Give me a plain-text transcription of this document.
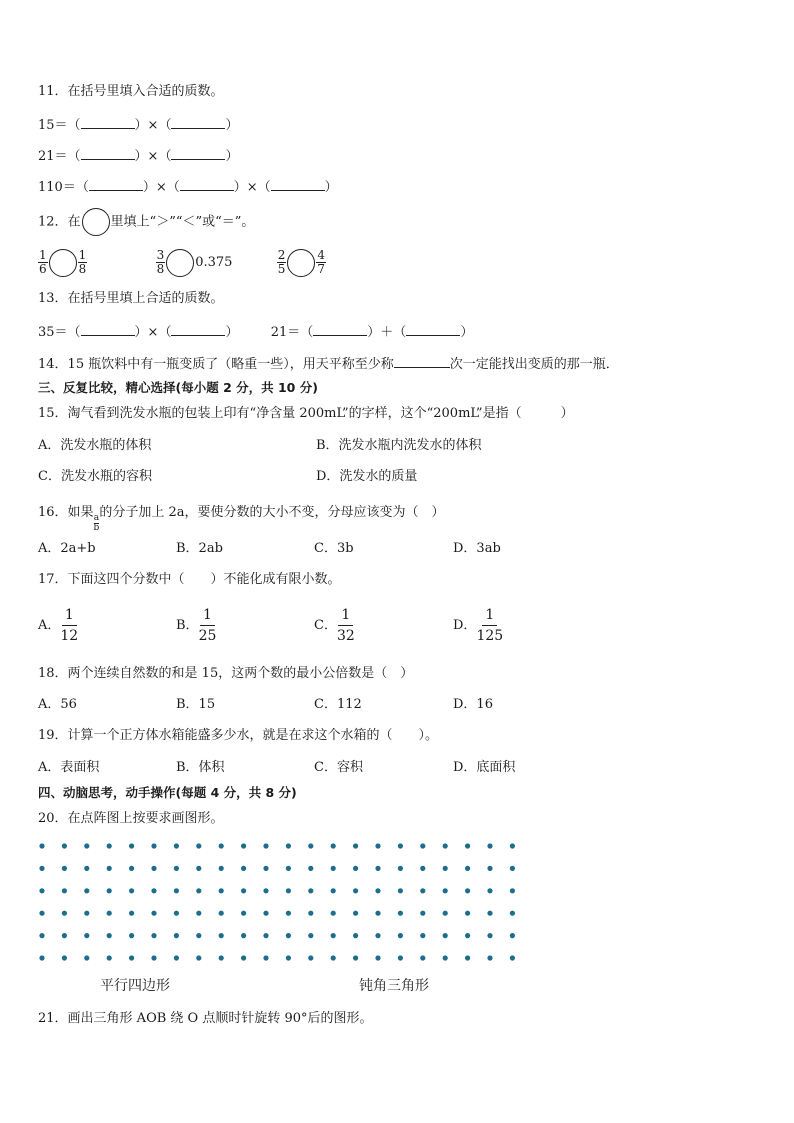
11．在括号里填入合适的质数。
15＝（	）×（	）
21＝（	）×（	）
110＝（	）×（	）×（	）
12．在 里填上“＞”“＜”或“＝”。
$\frac{1}{6}$	$\frac{1}{8}$
	$\frac{3}{8} 0.375$	$\frac{2}{5}$	$\frac{4}{7}$
13．在括号里填上合适的质数。
35＝（	）×（	） 21＝（	）＋（	）
14．15 瓶饮料中有一瓶变质了（略重一些），用天平称至少称	次一定能找出变质的那一瓶．
三、反复比较，精心选择(每小题 2 分，共 10 分)
15．淘气看到洗发水瓶的包装上印有“净含量 200mL”的字样，这个“200mL”是指（　　　）
A．洗发水瓶的体积	B．洗发水瓶内洗发水的体积
C．洗发水瓶的容积	D．洗发水的质量
16．如果
$\frac{a}{b}$
的分子加上 2a，要使分数的大小不变，分母应该变为（　）
A．2a+b	B．2ab	C．3b	D．3ab
17．下面这四个分数中（　　）不能化成有限小数。
A． $\frac{1}{12}$	B． $\frac{1}{25}$	C． $\frac{1}{32}$	D． $\frac{1}{125}$
18．两个连续自然数的和是 15，这两个数的最小公倍数是（　）
A．56	B．15	C．112	D．16
19．计算一个正方体水箱能盛多少水，就是在求这个水箱的（　　）。
A．表面积	B．体积	C．容积	D．底面积
四、动脑思考，动手操作(每题 4 分，共 8 分)
20．在点阵图上按要求画图形。
平行四边形	钝角三角形
21．画出三角形 AOB 绕 O 点顺时针旋转 90°后的图形。
